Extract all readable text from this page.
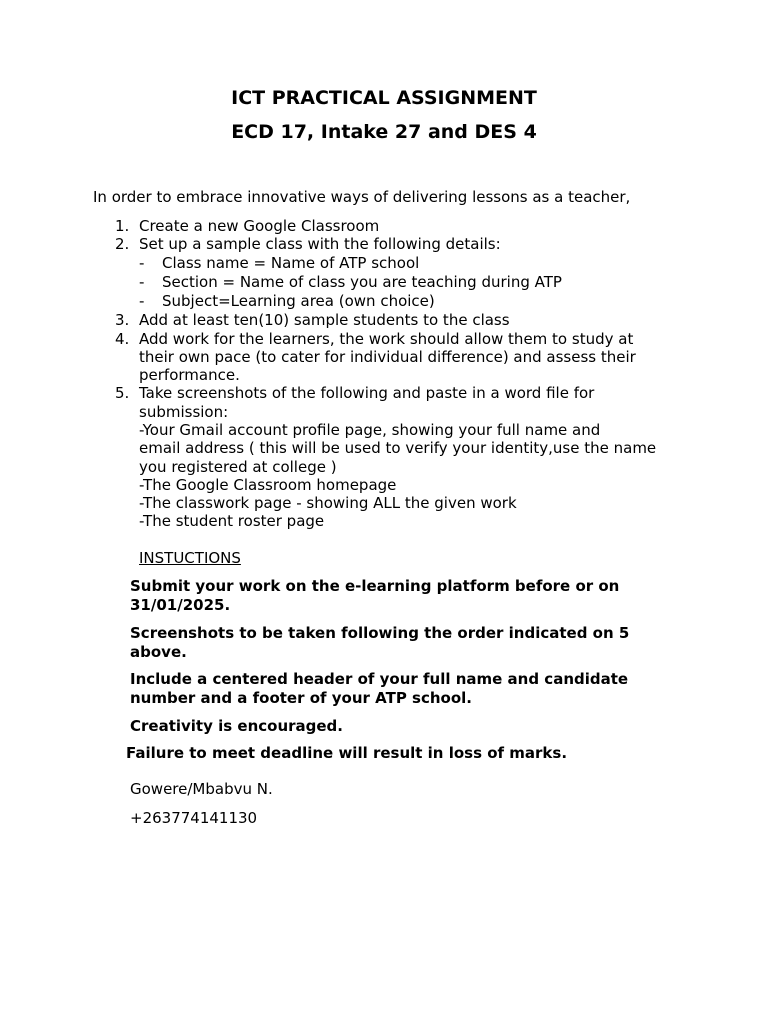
ICT PRACTICAL ASSIGNMENT
ECD 17, Intake 27 and DES 4

In order to embrace innovative ways of delivering lessons as a teacher,

1. Create a new Google Classroom
2. Set up a sample class with the following details:
- Class name = Name of ATP school
- Section = Name of class you are teaching during ATP
- Subject=Learning area (own choice)
3. Add at least ten(10) sample students to the class
4. Add work for the learners, the work should allow them to study at
their own pace (to cater for individual difference) and assess their
performance.
5. Take screenshots of the following and paste in a word file for
submission:
-Your Gmail account profile page, showing your full name and
email address ( this will be used to verify your identity,use the name
you registered at college )
-The Google Classroom homepage
-The classwork page - showing ALL the given work
-The student roster page

INSTUCTIONS

Submit your work on the e-learning platform before or on
31/01/2025.
Screenshots to be taken following the order indicated on 5
above.
Include a centered header of your full name and candidate
number and a footer of your ATP school.

Creativity is encouraged.

Failure to meet deadline will result in loss of marks.

Gowere/Mbabvu N.

+263774141130
